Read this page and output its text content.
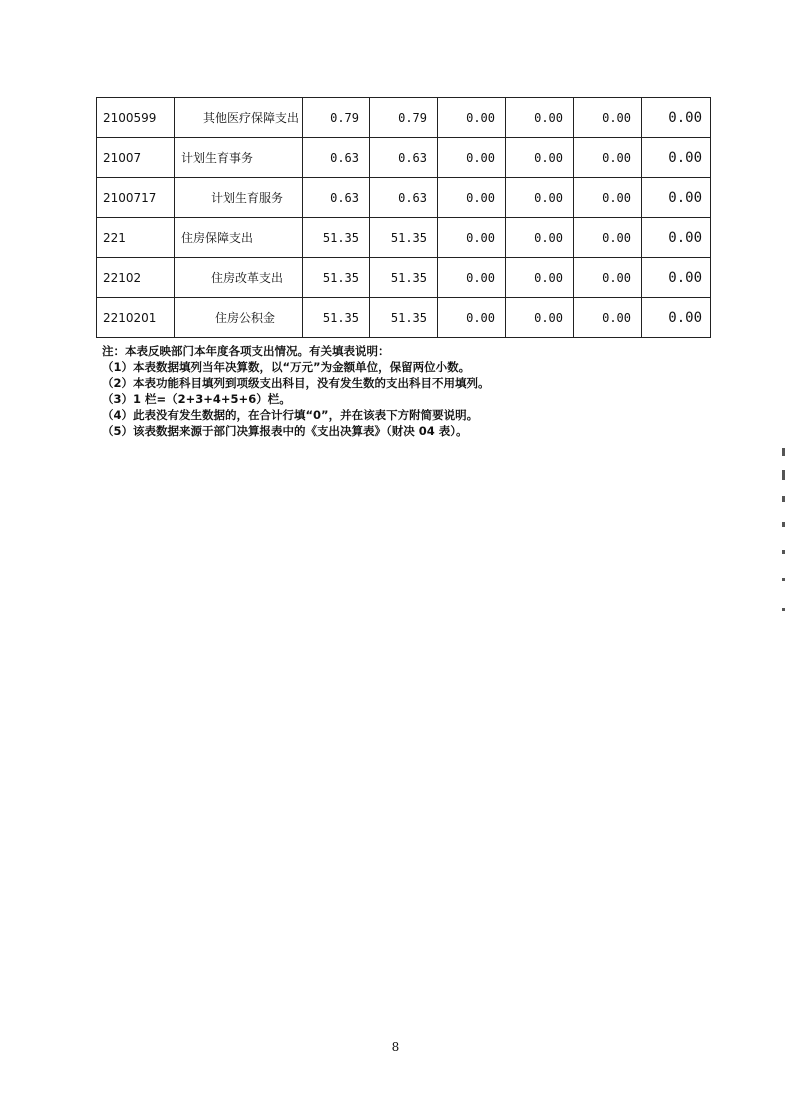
2100599	其他医疗保障支出	0.79	0.79	0.00	0.00	0.00	0.00
21007	计划生育事务	0.63	0.63	0.00	0.00	0.00	0.00
2100717	计划生育服务	0.63	0.63	0.00	0.00	0.00	0.00
221	住房保障支出	51.35	51.35	0.00	0.00	0.00	0.00
22102	住房改革支出	51.35	51.35	0.00	0.00	0.00	0.00
2210201	住房公积金	51.35	51.35	0.00	0.00	0.00	0.00
注：本表反映部门本年度各项支出情况。有关填表说明：
（1）本表数据填列当年决算数，以“万元”为金额单位，保留两位小数。
（2）本表功能科目填列到项级支出科目，没有发生数的支出科目不用填列。
（3）1 栏=（2+3+4+5+6）栏。
（4）此表没有发生数据的，在合计行填“0”，并在该表下方附简要说明。
（5）该表数据来源于部门决算报表中的《支出决算表》（财决 04 表）。
8
